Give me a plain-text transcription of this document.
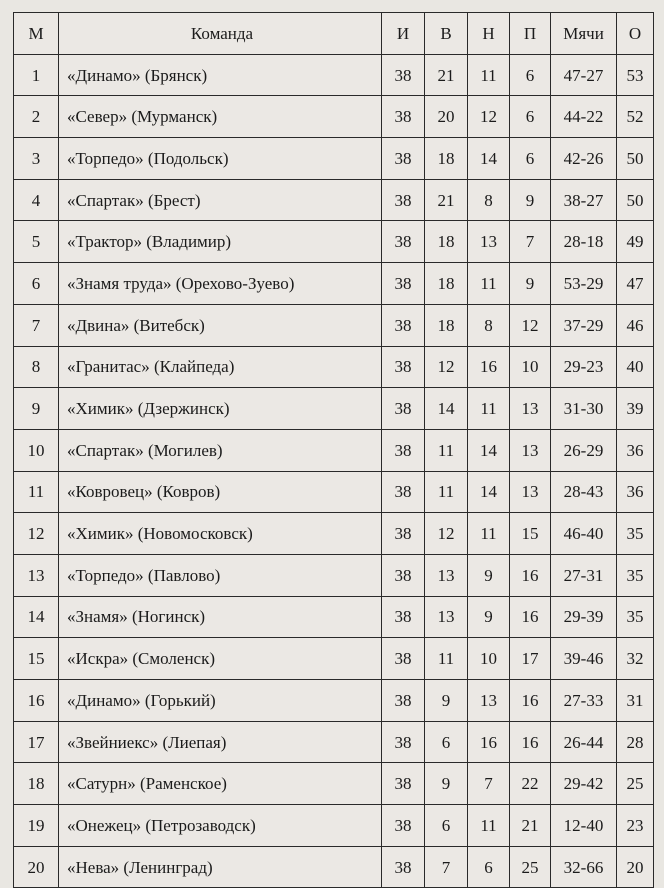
М	Команда	И	В	Н	П	Мячи	О
1	«Динамо» (Брянск)	38	21	11	6	47-27	53
2	«Север» (Мурманск)	38	20	12	6	44-22	52
3	«Торпедо» (Подольск)	38	18	14	6	42-26	50
4	«Спартак» (Брест)	38	21	8	9	38-27	50
5	«Трактор» (Владимир)	38	18	13	7	28-18	49
6	«Знамя труда» (Орехово-Зуево)	38	18	11	9	53-29	47
7	«Двина» (Витебск)	38	18	8	12	37-29	46
8	«Гранитас» (Клайпеда)	38	12	16	10	29-23	40
9	«Химик» (Дзержинск)	38	14	11	13	31-30	39
10	«Спартак» (Могилев)	38	11	14	13	26-29	36
11	«Ковровец» (Ковров)	38	11	14	13	28-43	36
12	«Химик» (Новомосковск)	38	12	11	15	46-40	35
13	«Торпедо» (Павлово)	38	13	9	16	27-31	35
14	«Знамя» (Ногинск)	38	13	9	16	29-39	35
15	«Искра» (Смоленск)	38	11	10	17	39-46	32
16	«Динамо» (Горький)	38	9	13	16	27-33	31
17	«Звейниекс» (Лиепая)	38	6	16	16	26-44	28
18	«Сатурн» (Раменское)	38	9	7	22	29-42	25
19	«Онежец» (Петрозаводск)	38	6	11	21	12-40	23
20	«Нева» (Ленинград)	38	7	6	25	32-66	20
